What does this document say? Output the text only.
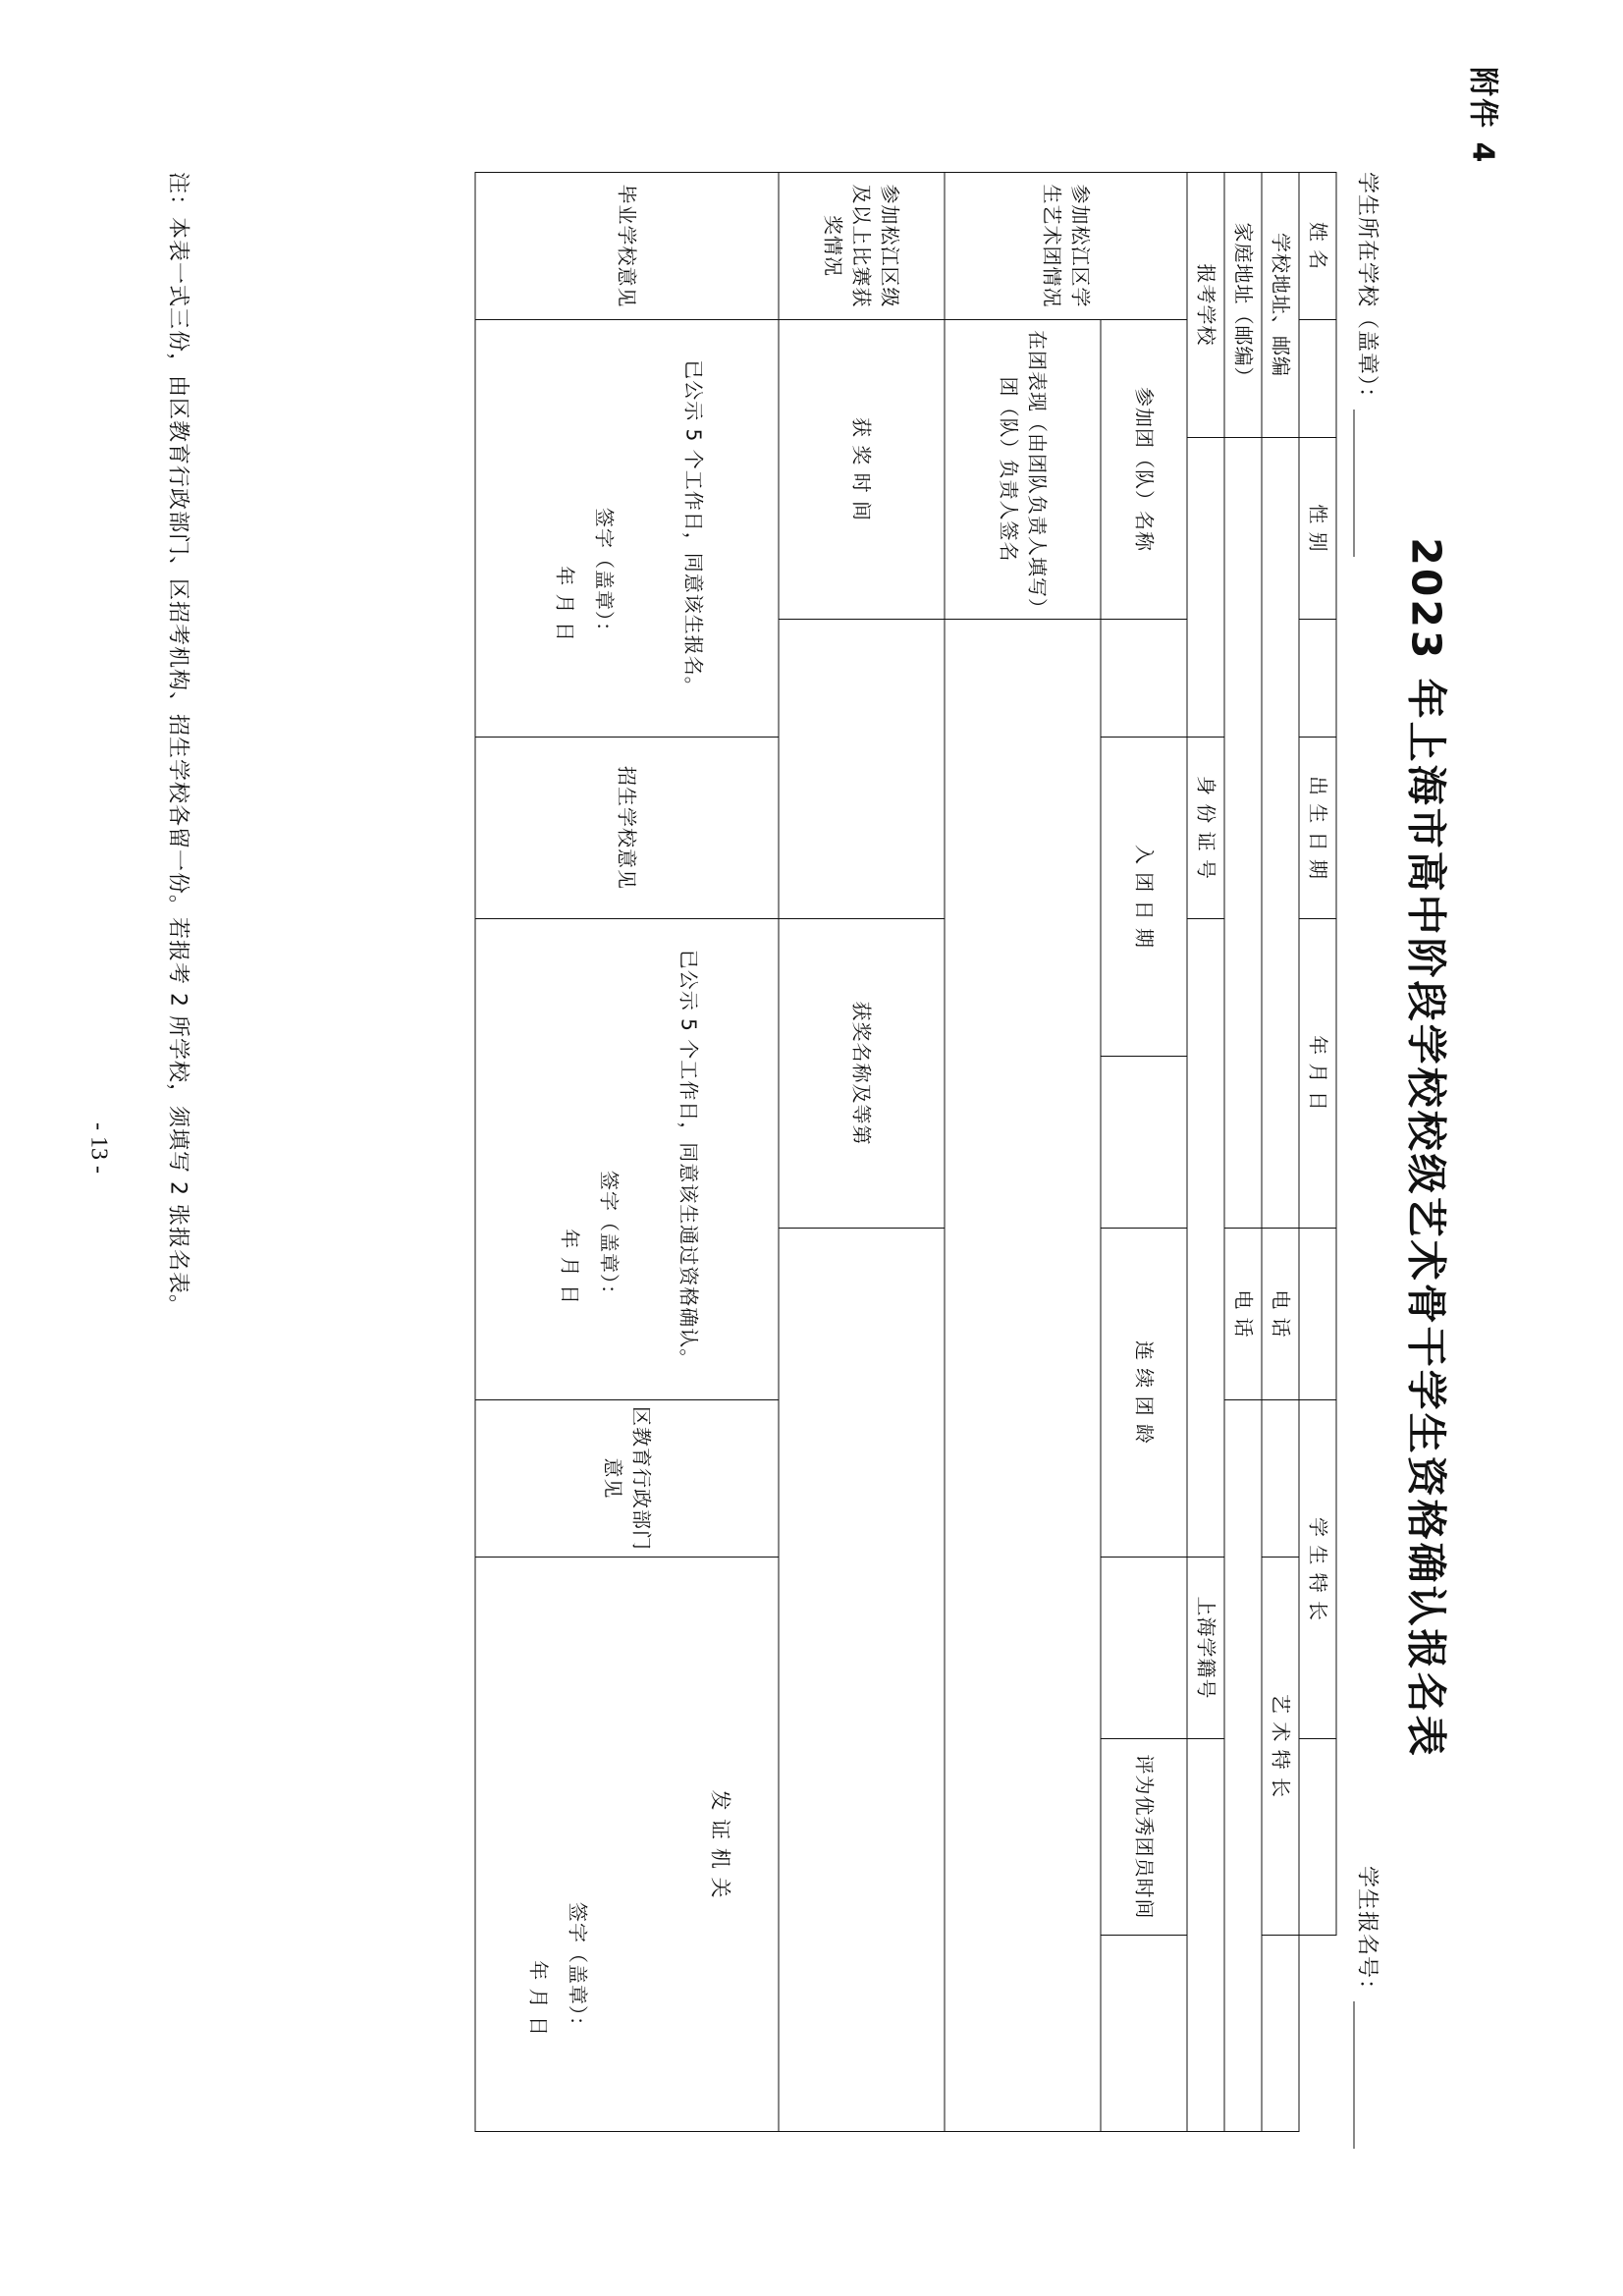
附件 4
2023 年上海市高中阶段学校校级艺术骨干学生资格确认报名表
学生所在学校（盖章）：
学生报名号：
姓 名		性 别		出 生 日 期	年 月 日			学 生 特 长			
学校地址、邮编							电 话		艺 术 特 长		
家庭地址（邮编）							电 话				
报考学校				身 份 证 号					上海学籍号		
参加松江区学生艺术团情况	参加团（队）名称			入 团 日 期			连 续 团 龄			评为优秀团员时间	
	在团表现（由团队负责人填写）团（队）负责人签名										
参加松江区级及以上比赛获奖情况	获 奖 时 间				获奖名称及等第						
毕业学校意见	
已公示 5 个工作日，同意该生报名。
签字（盖章）：
年 月 日
	招生学校意见	
已公示 5 个工作日，同意该生通过资格确认。
签字（盖章）：
年 月 日
	区教育行政部门意见	
发 证 机 关
签字（盖章）：
年 月 日
注：本表一式三份，由区教育行政部门、区招考机构、招生学校各留一份。若报考 2 所学校，须填写 2 张报名表。
- 13 -
